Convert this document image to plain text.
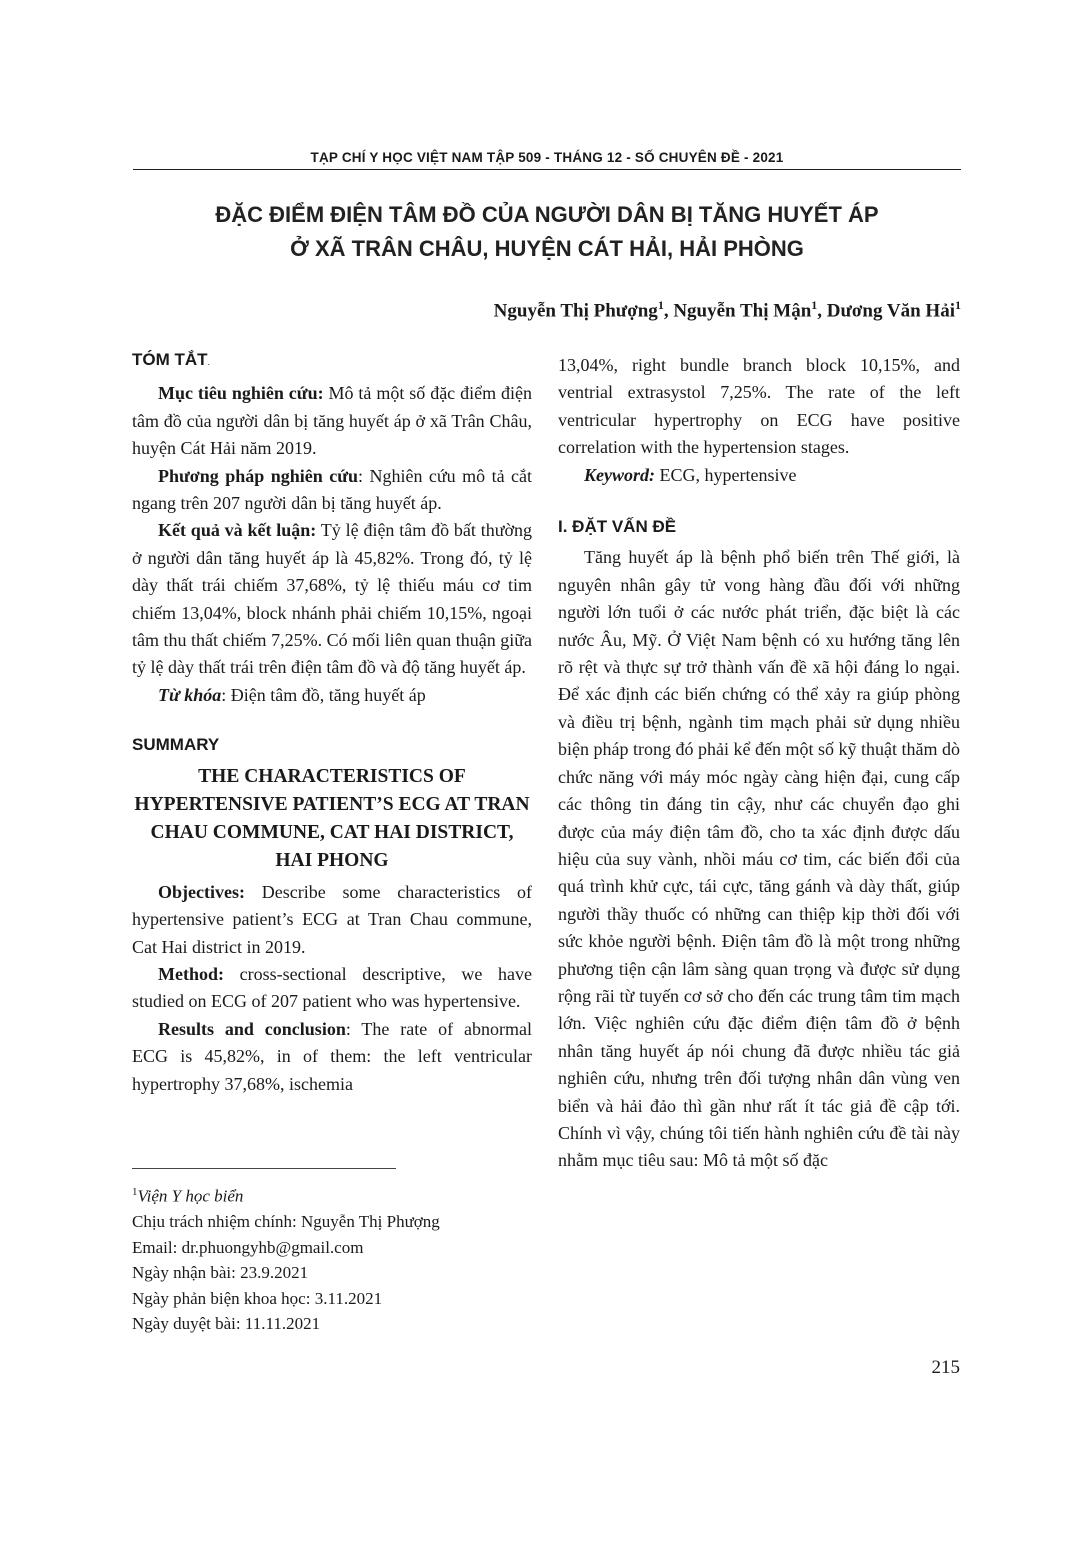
TẠP CHÍ Y HỌC VIỆT NAM TẬP 509 - THÁNG 12 - SỐ CHUYÊN ĐỀ - 2021
ĐẶC ĐIỂM ĐIỆN TÂM ĐỒ CỦA NGƯỜI DÂN BỊ TĂNG HUYẾT ÁP
Ở XÃ TRÂN CHÂU, HUYỆN CÁT HẢI, HẢI PHÒNG
Nguyễn Thị Phượng$^1$, Nguyễn Thị Mận$^1$, Dương Văn Hải$^1$
TÓM TẮT.

Mục tiêu nghiên cứu: Mô tả một số đặc điểm điện tâm đồ của người dân bị tăng huyết áp ở xã Trân Châu, huyện Cát Hải năm 2019.

Phương pháp nghiên cứu: Nghiên cứu mô tả cắt ngang trên 207 người dân bị tăng huyết áp.

Kết quả và kết luận: Tỷ lệ điện tâm đồ bất thường ở người dân tăng huyết áp là 45,82%. Trong đó, tỷ lệ dày thất trái chiếm 37,68%, tỷ lệ thiếu máu cơ tim chiếm 13,04%, block nhánh phải chiếm 10,15%, ngoại tâm thu thất chiếm 7,25%. Có mối liên quan thuận giữa tỷ lệ dày thất trái trên điện tâm đồ và độ tăng huyết áp.

Từ khóa: Điện tâm đồ, tăng huyết áp

SUMMARY
THE CHARACTERISTICS OF HYPERTENSIVE PATIENT’S ECG AT TRAN CHAU COMMUNE, CAT HAI DISTRICT, HAI PHONG

Objectives: Describe some characteristics of hypertensive patient’s ECG at Tran Chau commune, Cat Hai district in 2019.

Method: cross-sectional descriptive, we have studied on ECG of 207 patient who was hypertensive.

Results and conclusion: The rate of abnormal ECG is 45,82%, in of them: the left ventricular hypertrophy 37,68%, ischemia

13,04%, right bundle branch block 10,15%, and ventrial extrasystol 7,25%. The rate of the left ventricular hypertrophy on ECG have positive correlation with the hypertension stages.

Keyword: ECG, hypertensive

I. ĐẶT VẤN ĐỀ

Tăng huyết áp là bệnh phổ biến trên Thế giới, là nguyên nhân gây tử vong hàng đầu đối với những người lớn tuổi ở các nước phát triển, đặc biệt là các nước Âu, Mỹ. Ở Việt Nam bệnh có xu hướng tăng lên rõ rệt và thực sự trở thành vấn đề xã hội đáng lo ngại. Để xác định các biến chứng có thể xảy ra giúp phòng và điều trị bệnh, ngành tim mạch phải sử dụng nhiều biện pháp trong đó phải kể đến một số kỹ thuật thăm dò chức năng với máy móc ngày càng hiện đại, cung cấp các thông tin đáng tin cậy, như các chuyển đạo ghi được của máy điện tâm đồ, cho ta xác định được dấu hiệu của suy vành, nhồi máu cơ tim, các biến đổi của quá trình khử cực, tái cực, tăng gánh và dày thất, giúp người thầy thuốc có những can thiệp kịp thời đối với sức khỏe người bệnh. Điện tâm đồ là một trong những phương tiện cận lâm sàng quan trọng và được sử dụng rộng rãi từ tuyến cơ sở cho đến các trung tâm tim mạch lớn. Việc nghiên cứu đặc điểm điện tâm đồ ở bệnh nhân tăng huyết áp nói chung đã được nhiều tác giả nghiên cứu, nhưng trên đối tượng nhân dân vùng ven biển và hải đảo thì gần như rất ít tác giả đề cập tới. Chính vì vậy, chúng tôi tiến hành nghiên cứu đề tài này nhằm mục tiêu sau: Mô tả một số đặc

$^1$Viện Y học biển
Chịu trách nhiệm chính: Nguyễn Thị Phượng
Email: dr.phuongyhb@gmail.com
Ngày nhận bài: 23.9.2021
Ngày phản biện khoa học: 3.11.2021
Ngày duyệt bài: 11.11.2021
215
